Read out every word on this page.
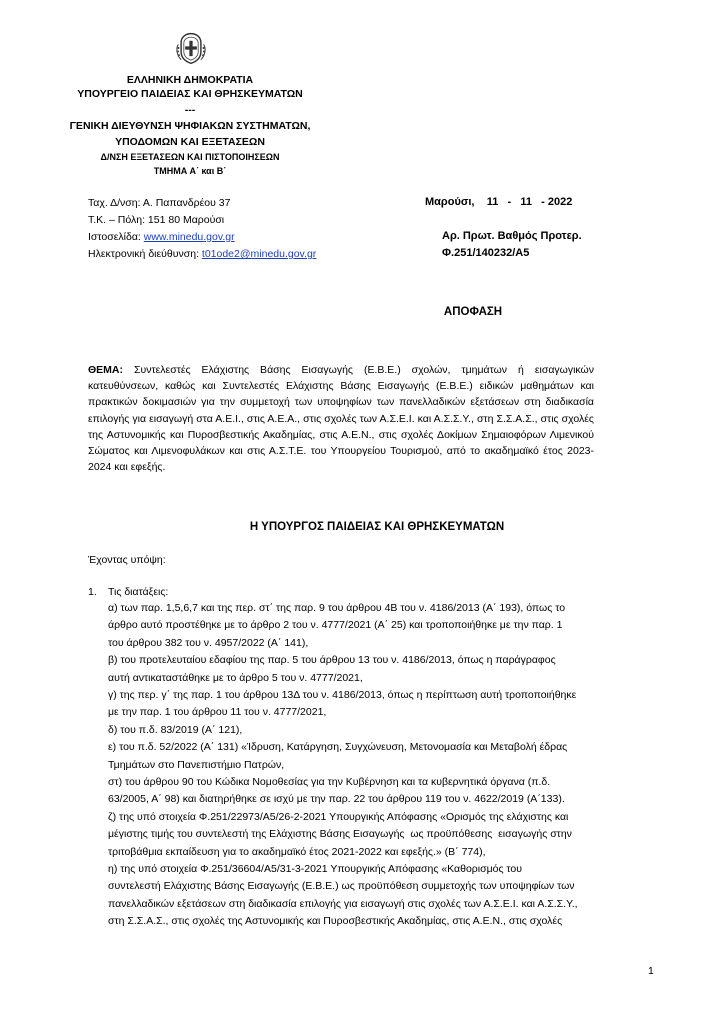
ΕΛΛΗΝΙΚΗ ΔΗΜΟΚΡΑΤΙΑ
ΥΠΟΥΡΓΕΙΟ ΠΑΙΔΕΙΑΣ ΚΑΙ ΘΡΗΣΚΕΥΜΑΤΩΝ
---
ΓΕΝΙΚΗ ΔΙΕΥΘΥΝΣΗ ΨΗΦΙΑΚΩΝ ΣΥΣΤΗΜΑΤΩΝ,
ΥΠΟΔΟΜΩΝ ΚΑΙ ΕΞΕΤΑΣΕΩΝ
Δ/ΝΣΗ ΕΞΕΤΑΣΕΩΝ ΚΑΙ ΠΙΣΤΟΠΟΙΗΣΕΩΝ
ΤΜΗΜΑ Α΄ και Β΄
Ταχ. Δ/νση: Α. Παπανδρέου 37
Τ.Κ. – Πόλη: 151 80 Μαρούσι
Ιστοσελίδα: www.minedu.gov.gr
Ηλεκτρονική διεύθυνση: t01ode2@minedu.gov.gr
Μαρούσι,    11   -   11   - 2022
Αρ. Πρωτ. Βαθμός Προτερ.
Φ.251/140232/Α5
ΑΠΟΦΑΣΗ
ΘΕΜΑ: Συντελεστές Ελάχιστης Βάσης Εισαγωγής (Ε.Β.Ε.) σχολών, τμημάτων ή εισαγωγικών κατευθύνσεων, καθώς και Συντελεστές Ελάχιστης Βάσης Εισαγωγής (Ε.Β.Ε.) ειδικών μαθημάτων και πρακτικών δοκιμασιών για την συμμετοχή των υποψηφίων των πανελλαδικών εξετάσεων στη διαδικασία επιλογής για εισαγωγή στα Α.Ε.Ι., στις Α.Ε.Α., στις σχολές των Α.Σ.Ε.Ι. και Α.Σ.Σ.Υ., στη Σ.Σ.Α.Σ., στις σχολές της Αστυνομικής και Πυροσβεστικής Ακαδημίας, στις Α.Ε.Ν., στις σχολές Δοκίμων Σημαιοφόρων Λιμενικού Σώματος και Λιμενοφυλάκων και στις Α.Σ.Τ.Ε. του Υπουργείου Τουρισμού, από το ακαδημαϊκό έτος 2023-2024 και εφεξής.
Η ΥΠΟΥΡΓΟΣ ΠΑΙΔΕΙΑΣ ΚΑΙ ΘΡΗΣΚΕΥΜΑΤΩΝ
Έχοντας υπόψη:
1. Τις διατάξεις:
α) των παρ. 1,5,6,7 και της περ. στ΄ της παρ. 9 του άρθρου 4Β του ν. 4186/2013 (Α΄ 193), όπως το
άρθρο αυτό προστέθηκε με το άρθρο 2 του ν. 4777/2021 (Α΄ 25) και τροποποιήθηκε με την παρ. 1
του άρθρου 382 του ν. 4957/2022 (Α΄ 141),
β) του προτελευταίου εδαφίου της παρ. 5 του άρθρου 13 του ν. 4186/2013, όπως η παράγραφος
αυτή αντικαταστάθηκε με το άρθρο 5 του ν. 4777/2021,
γ) της περ. γ΄ της παρ. 1 του άρθρου 13Δ του ν. 4186/2013, όπως η περίπτωση αυτή τροποποιήθηκε
με την παρ. 1 του άρθρου 11 του ν. 4777/2021,
δ) του π.δ. 83/2019 (Α΄ 121),
ε) του π.δ. 52/2022 (Α΄ 131) «Ίδρυση, Κατάργηση, Συγχώνευση, Μετονομασία και Μεταβολή έδρας
Τμημάτων στο Πανεπιστήμιο Πατρών,
στ) του άρθρου 90 του Κώδικα Νομοθεσίας για την Κυβέρνηση και τα κυβερνητικά όργανα (π.δ.
63/2005, Α΄ 98) και διατηρήθηκε σε ισχύ με την παρ. 22 του άρθρου 119 του ν. 4622/2019 (Α΄133).
ζ) της υπό στοιχεία Φ.251/22973/Α5/26-2-2021 Υπουργικής Απόφασης «Ορισμός της ελάχιστης και
μέγιστης τιμής του συντελεστή της Ελάχιστης Βάσης Εισαγωγής  ως προϋπόθεσης  εισαγωγής στην
τριτοβάθμια εκπαίδευση για το ακαδημαϊκό έτος 2021-2022 και εφεξής.» (Β΄ 774),
η) της υπό στοιχεία Φ.251/36604/Α5/31-3-2021 Υπουργικής Απόφασης «Καθορισμός του
συντελεστή Ελάχιστης Βάσης Εισαγωγής (Ε.Β.Ε.) ως προϋπόθεση συμμετοχής των υποψηφίων των
πανελλαδικών εξετάσεων στη διαδικασία επιλογής για εισαγωγή στις σχολές των Α.Σ.Ε.Ι. και Α.Σ.Σ.Υ.,
στη Σ.Σ.Α.Σ., στις σχολές της Αστυνομικής και Πυροσβεστικής Ακαδημίας, στις Α.Ε.Ν., στις σχολές
1
